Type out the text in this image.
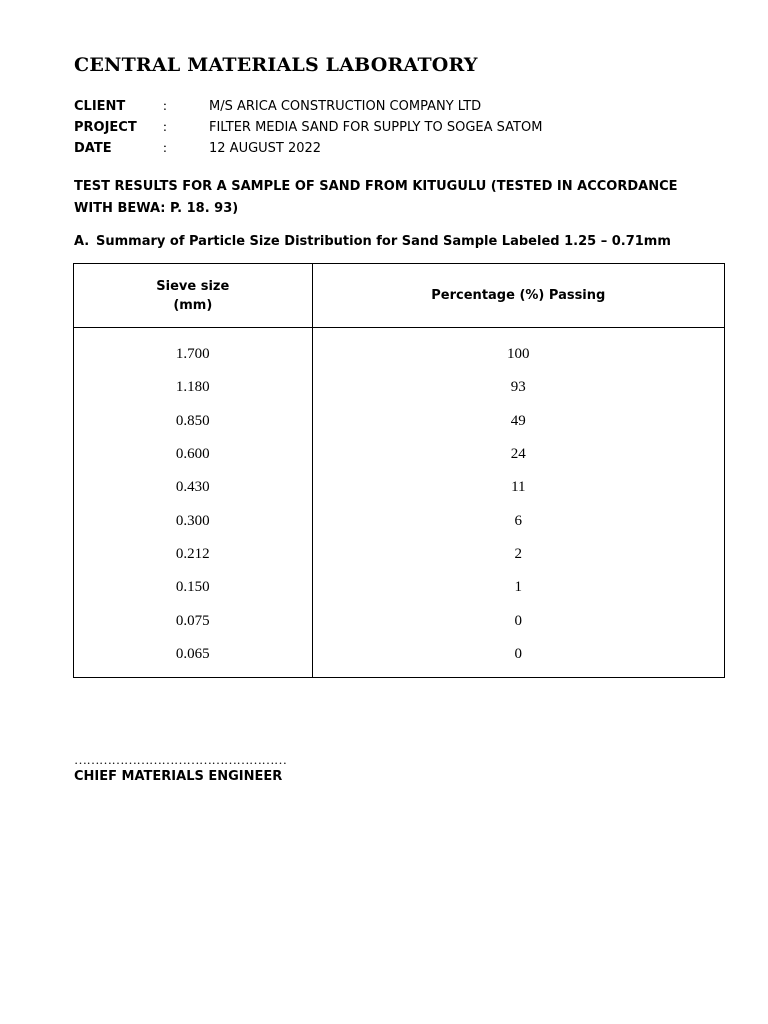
CENTRAL MATERIALS LABORATORY
CLIENT	:	M/S ARICA CONSTRUCTION COMPANY LTD
PROJECT :	FILTER MEDIA SAND FOR SUPPLY TO SOGEA SATOM
DATE	:	12 AUGUST 2022
TEST RESULTS FOR A SAMPLE OF SAND FROM KITUGULU (TESTED IN ACCORDANCE WITH BEWA: P. 18. 93)
A. Summary of Particle Size Distribution for Sand Sample Labeled 1.25 – 0.71mm
Sieve size
(mm)	Percentage (%) Passing
1.700	100
1.180	93
0.850	49
0.600	24
0.430	11
0.300	6
0.212	2
0.150	1
0.075	0
0.065	0
……………………………………………
CHIEF MATERIALS ENGINEER
